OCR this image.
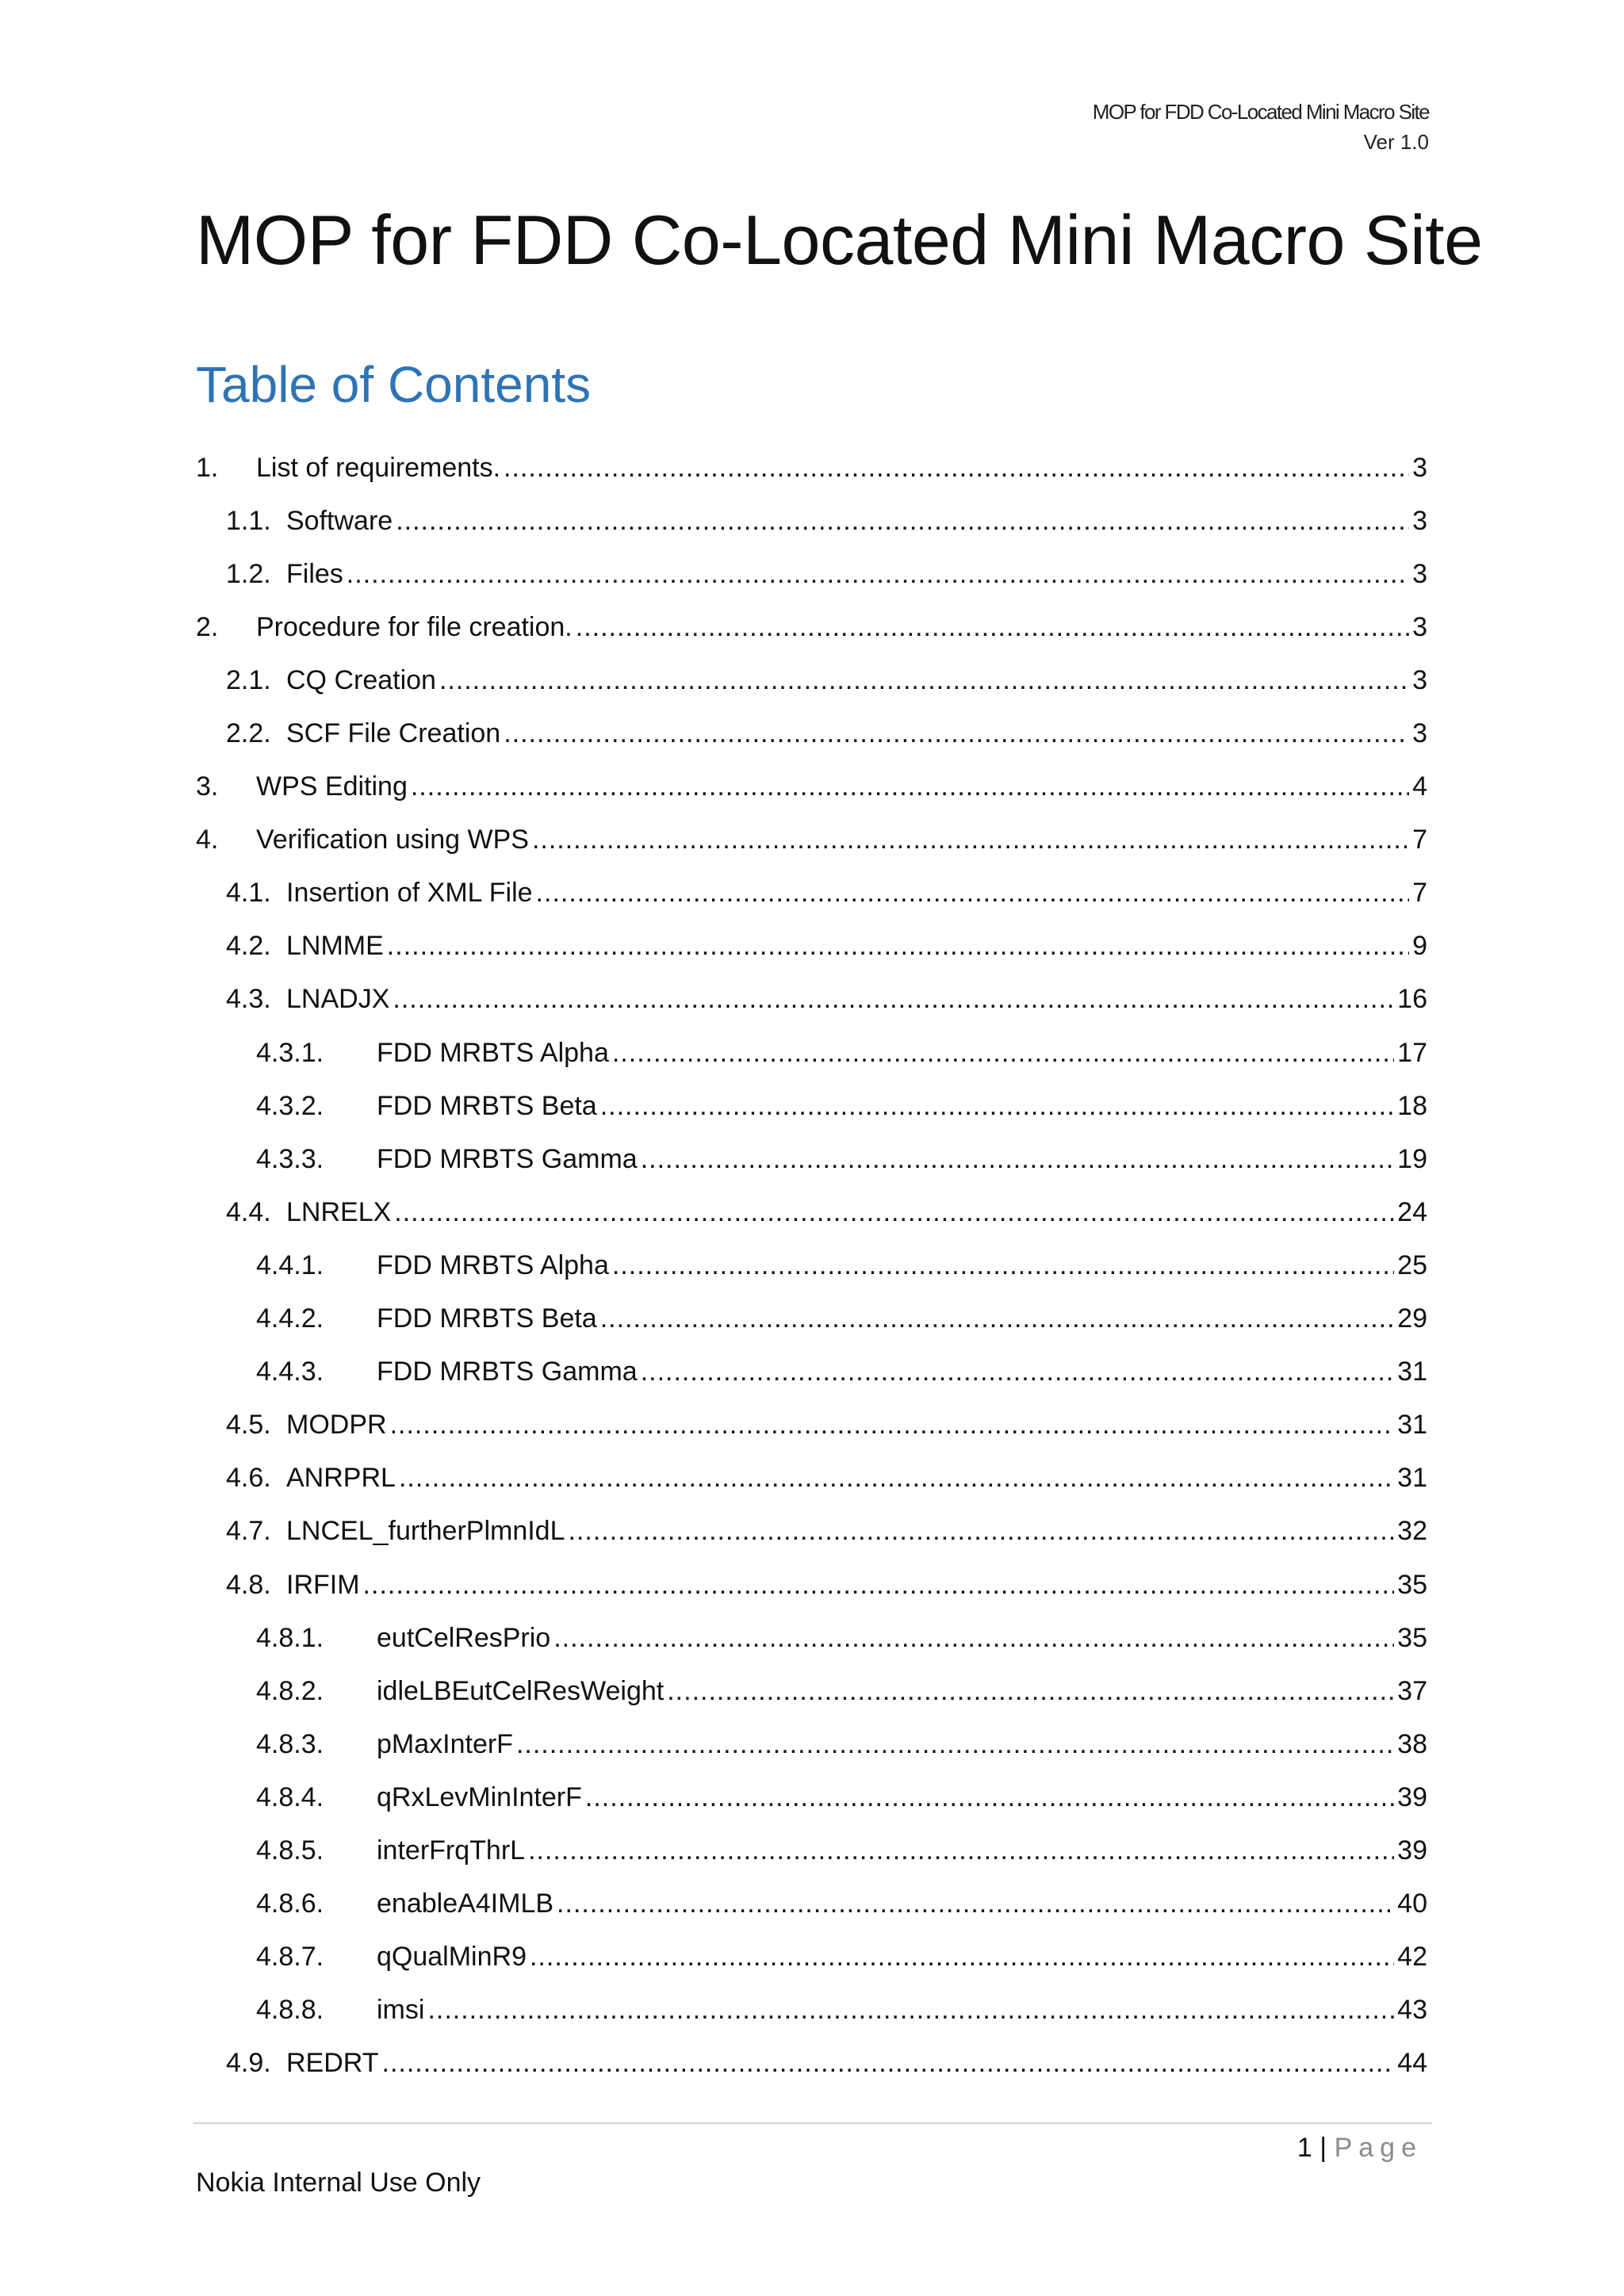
MOP for FDD Co-Located Mini Macro Site
Ver 1.0
MOP for FDD Co-Located Mini Macro Site
Table of Contents
1.	List of requirements. .....	3
1.1. Software .....	3
1.2. Files .....	3
2.	Procedure for file creation. .....	3
2.1. CQ Creation .....	3
2.2. SCF File Creation .....	3
3.	WPS Editing .....	4
4.	Verification using WPS .....	7
4.1. Insertion of XML File .....	7
4.2. LNMME .....	9
4.3. LNADJX .....	16
4.3.1.	FDD MRBTS Alpha .....	17
4.3.2.	FDD MRBTS Beta .....	18
4.3.3.	FDD MRBTS Gamma .....	19
4.4. LNRELX .....	24
4.4.1.	FDD MRBTS Alpha .....	25
4.4.2.	FDD MRBTS Beta .....	29
4.4.3.	FDD MRBTS Gamma .....	31
4.5. MODPR .....	31
4.6. ANRPRL .....	31
4.7. LNCEL_furtherPlmnIdL .....	32
4.8. IRFIM .....	35
4.8.1.	eutCelResPrio .....	35
4.8.2.	idleLBEutCelResWeight .....	37
4.8.3.	pMaxInterF .....	38
4.8.4.	qRxLevMinInterF .....	39
4.8.5.	interFrqThrL .....	39
4.8.6.	enableA4IMLB .....	40
4.8.7.	qQualMinR9 .....	42
4.8.8.	imsi .....	43
4.9. REDRT .....	44
1 | Page
Nokia Internal Use Only
